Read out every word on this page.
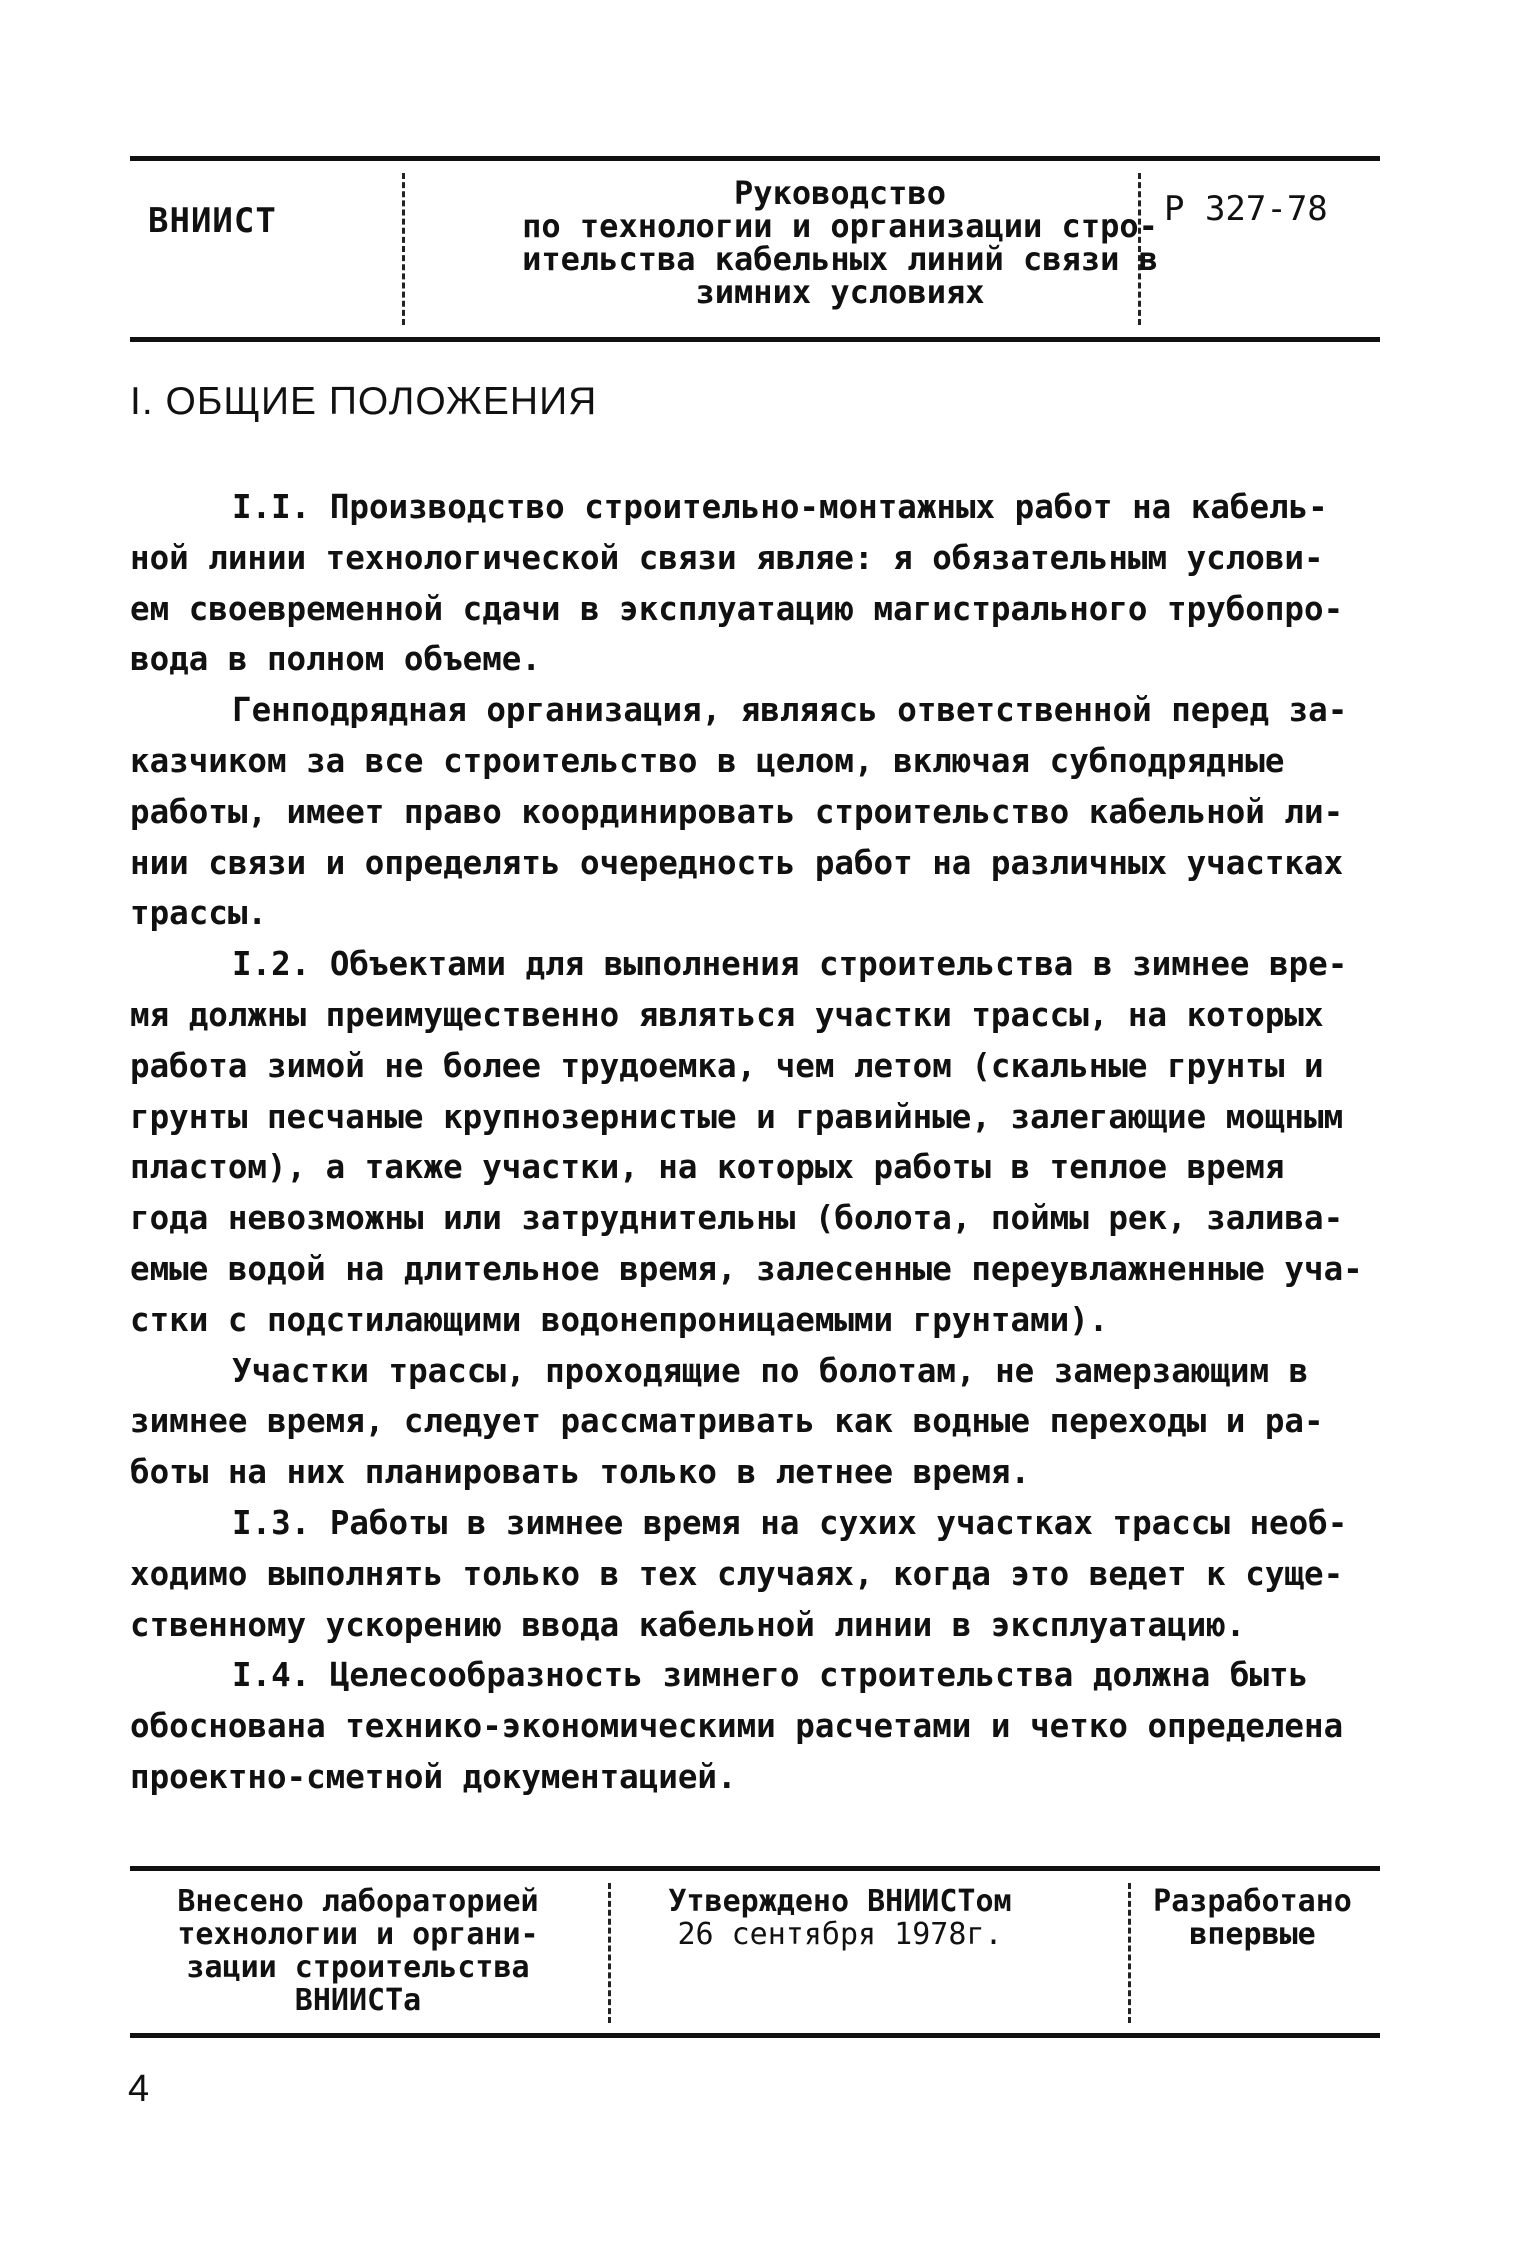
ВНИИСТ
Руководство
по технологии и организации стро-
ительства кабельных линий связи в
зимних условиях
Р 327-78
I. ОБЩИЕ ПОЛОЖЕНИЯ
I.I. Производство строительно-монтажных работ на кабель-
ной линии технологической связи являе: я обязательным услови-
ем своевременной сдачи в эксплуатацию магистрального трубопро-
вода в полном объеме.
Генподрядная организация, являясь ответственной перед за-
казчиком за все строительство в целом, включая субподрядные
работы, имеет право координировать строительство кабельной ли-
нии связи и определять очередность работ на различных участках
трассы.
I.2. Объектами для выполнения строительства в зимнее вре-
мя должны преимущественно являться участки трассы, на которых
работа зимой не более трудоемка, чем летом (скальные грунты и
грунты песчаные крупнозернистые и гравийные, залегающие мощным
пластом), а также участки, на которых работы в теплое время
года невозможны или затруднительны (болота, поймы рек, залива-
емые водой на длительное время, залесенные переувлажненные уча-
стки с подстилающими водонепроницаемыми грунтами).
Участки трассы, проходящие по болотам, не замерзающим в
зимнее время, следует рассматривать как водные переходы и ра-
боты на них планировать только в летнее время.
I.3. Работы в зимнее время на сухих участках трассы необ-
ходимо выполнять только в тех случаях, когда это ведет к суще-
ственному ускорению ввода кабельной линии в эксплуатацию.
I.4. Целесообразность зимнего строительства должна быть
обоснована технико-экономическими расчетами и четко определена
проектно-сметной документацией.
Внесено лабораторией
технологии и органи-
зации строительства
ВНИИСТа
Утверждено ВНИИСТом
26 сентября 1978г.
Разработано
впервые
4
